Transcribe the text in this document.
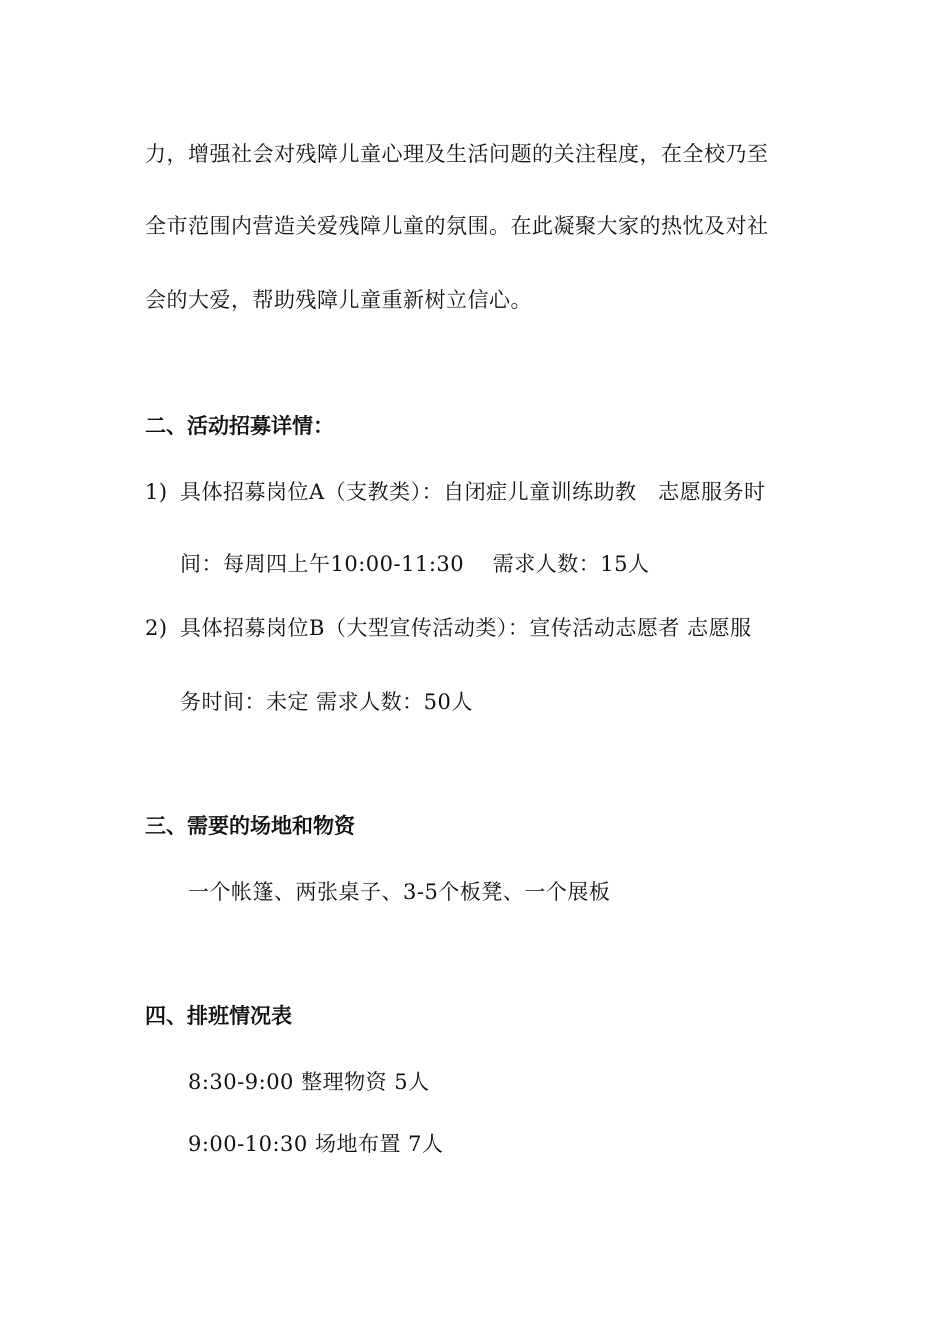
力，增强社会对残障儿童心理及生活问题的关注程度，在全校乃至
全市范围内营造关爱残障儿童的氛围。在此凝聚大家的热忱及对社
会的大爱，帮助残障儿童重新树立信心。
二、活动招募详情：
1) 具体招募岗位A（支教类）：自闭症儿童训练助教　志愿服务时
间：每周四上午10:00-11:30　 需求人数：15人
2) 具体招募岗位B（大型宣传活动类）：宣传活动志愿者 志愿服
务时间：未定 需求人数：50人
三、需要的场地和物资
一个帐篷、两张桌子、3-5个板凳、一个展板
四、排班情况表
8:30-9:00 整理物资 5人
9:00-10:30 场地布置 7人
